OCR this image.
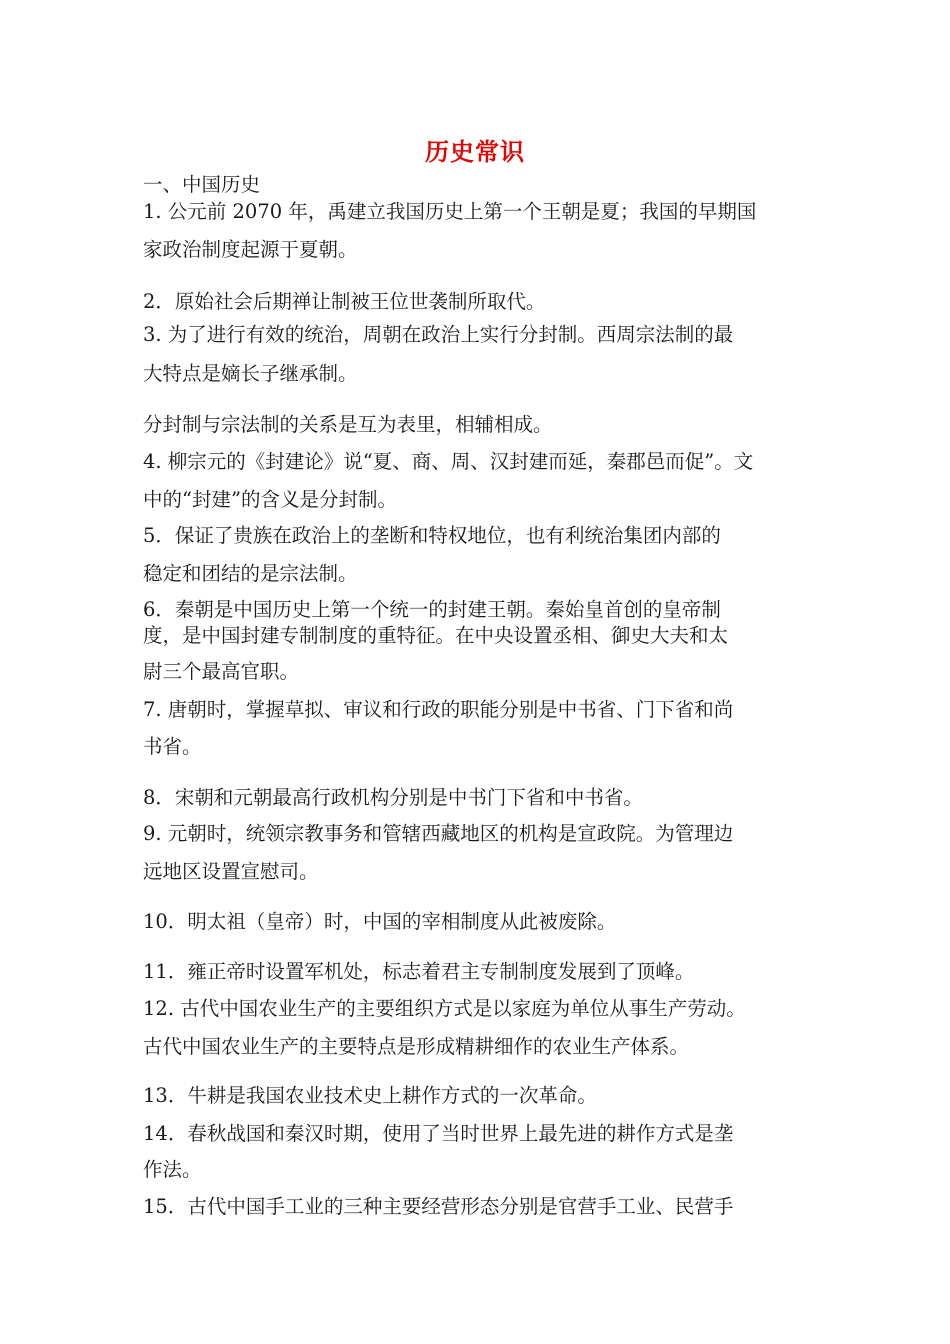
历史常识
一、中国历史
1. 公元前 2070 年，禹建立我国历史上第一个王朝是夏；我国的早期国
家政治制度起源于夏朝。
2．原始社会后期禅让制被王位世袭制所取代。
3. 为了进行有效的统治，周朝在政治上实行分封制。西周宗法制的最
大特点是嫡长子继承制。
分封制与宗法制的关系是互为表里，相辅相成。
4. 柳宗元的《封建论》说“夏、商、周、汉封建而延，秦郡邑而促”。文
中的“封建”的含义是分封制。
5．保证了贵族在政治上的垄断和特权地位，也有利统治集团内部的
稳定和团结的是宗法制。
6．秦朝是中国历史上第一个统一的封建王朝。秦始皇首创的皇帝制
度，是中国封建专制制度的重特征。在中央设置丞相、御史大夫和太
尉三个最高官职。
7. 唐朝时，掌握草拟、审议和行政的职能分别是中书省、门下省和尚
书省。
8．宋朝和元朝最高行政机构分别是中书门下省和中书省。
9. 元朝时，统领宗教事务和管辖西藏地区的机构是宣政院。为管理边
远地区设置宣慰司。
10．明太祖（皇帝）时，中国的宰相制度从此被废除。
11．雍正帝时设置军机处，标志着君主专制制度发展到了顶峰。
12. 古代中国农业生产的主要组织方式是以家庭为单位从事生产劳动。
古代中国农业生产的主要特点是形成精耕细作的农业生产体系。
13．牛耕是我国农业技术史上耕作方式的一次革命。
14．春秋战国和秦汉时期，使用了当时世界上最先进的耕作方式是垄
作法。
15．古代中国手工业的三种主要经营形态分别是官营手工业、民营手
